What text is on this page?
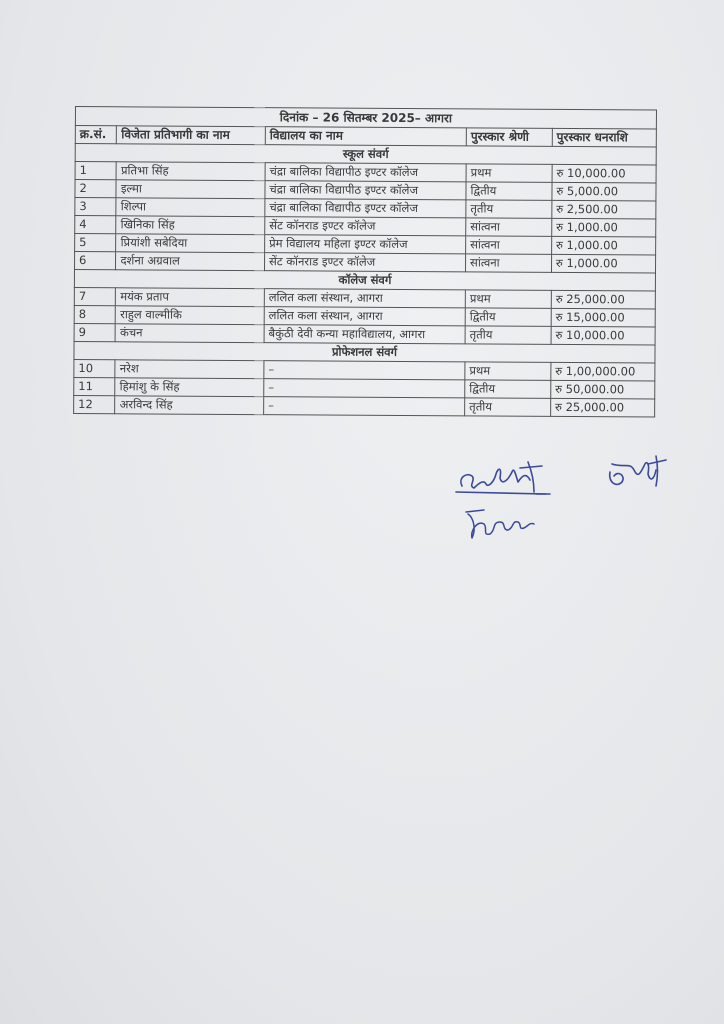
दिनांक – 26 सितम्बर 2025– आगरा				
क्र.सं.	विजेता प्रतिभागी का नाम	विद्यालय का नाम	पुरस्कार श्रेणी	पुरस्कार धनराशि
स्कूल संवर्ग				
1	प्रतिभा सिंह	चंद्रा बालिका विद्यापीठ इण्टर कॉलेज	प्रथम	रु 10,000.00
2	इल्मा	चंद्रा बालिका विद्यापीठ इण्टर कॉलेज	द्वितीय	रु 5,000.00
3	शिल्पा	चंद्रा बालिका विद्यापीठ इण्टर कॉलेज	तृतीय	रु 2,500.00
4	खिनिका सिंह	सेंट कॉनराड इण्टर कॉलेज	सांत्वना	रु 1,000.00
5	प्रियांशी सबेदिया	प्रेम विद्यालय महिला इण्टर कॉलेज	सांत्वना	रु 1,000.00
6	दर्शना अग्रवाल	सेंट कॉनराड इण्टर कॉलेज	सांत्वना	रु 1,000.00
कॉलेज संवर्ग				
7	मयंक प्रताप	ललित कला संस्थान, आगरा	प्रथम	रु 25,000.00
8	राहुल वाल्मीकि	ललित कला संस्थान, आगरा	द्वितीय	रु 15,000.00
9	कंचन	बैकुंठी देवी कन्या महाविद्यालय, आगरा	तृतीय	रु 10,000.00
प्रोफेशनल संवर्ग				
10	नरेश	–	प्रथम	रु 1,00,000.00
11	हिमांशु के सिंह	–	द्वितीय	रु 50,000.00
12	अरविन्द सिंह	–	तृतीय	रु 25,000.00
